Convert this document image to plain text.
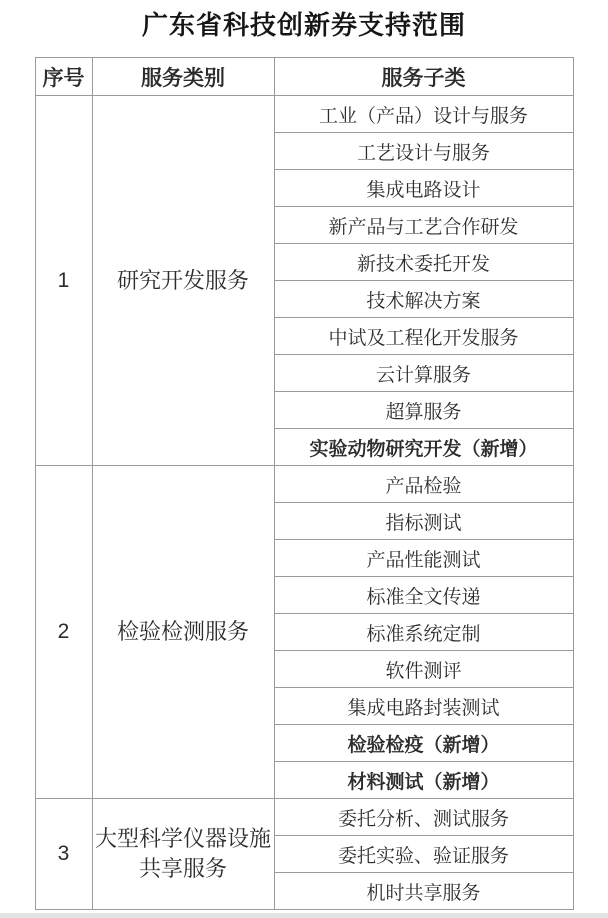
广东省科技创新券支持范围
序号	服务类别	服务子类
1	研究开发服务	工业（产品）设计与服务
		工艺设计与服务
		集成电路设计
		新产品与工艺合作研发
		新技术委托开发
		技术解决方案
		中试及工程化开发服务
		云计算服务
		超算服务
		实验动物研究开发（新增）
2	检验检测服务	产品检验
		指标测试
		产品性能测试
		标准全文传递
		标准系统定制
		软件测评
		集成电路封装测试
		检验检疫（新增）
		材料测试（新增）
3	大型科学仪器设施共享服务	委托分析、测试服务
		委托实验、验证服务
		机时共享服务
